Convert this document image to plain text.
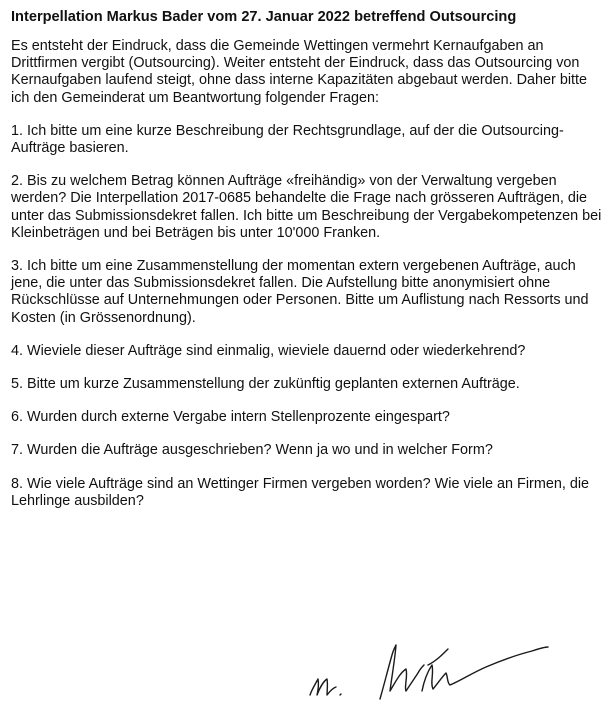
Interpellation Markus Bader vom 27. Januar 2022 betreffend Outsourcing

Es entsteht der Eindruck, dass die Gemeinde Wettingen vermehrt Kernaufgaben an Drittfirmen vergibt (Outsourcing). Weiter entsteht der Eindruck, dass das Outsourcing von Kernaufgaben laufend steigt, ohne dass interne Kapazitäten abgebaut werden. Daher bitte ich den Gemeinderat um Beantwortung folgender Fragen:

1. Ich bitte um eine kurze Beschreibung der Rechtsgrundlage, auf der die Outsourcing-Aufträge basieren.

2. Bis zu welchem Betrag können Aufträge «freihändig» von der Verwaltung vergeben werden? Die Interpellation 2017-0685 behandelte die Frage nach grösseren Aufträgen, die unter das Submissionsdekret fallen. Ich bitte um Beschreibung der Vergabekompetenzen bei Kleinbeträgen und bei Beträgen bis unter 10'000 Franken.

3. Ich bitte um eine Zusammenstellung der momentan extern vergebenen Aufträge, auch jene, die unter das Submissionsdekret fallen. Die Aufstellung bitte anonymisiert ohne Rückschlüsse auf Unternehmungen oder Personen. Bitte um Auflistung nach Ressorts und Kosten (in Grössenordnung).

4. Wieviele dieser Aufträge sind einmalig, wieviele dauernd oder wiederkehrend?

5. Bitte um kurze Zusammenstellung der zukünftig geplanten externen Aufträge.

6. Wurden durch externe Vergabe intern Stellenprozente eingespart?

7. Wurden die Aufträge ausgeschrieben? Wenn ja wo und in welcher Form?

8. Wie viele Aufträge sind an Wettinger Firmen vergeben worden? Wie viele an Firmen, die Lehrlinge ausbilden?
